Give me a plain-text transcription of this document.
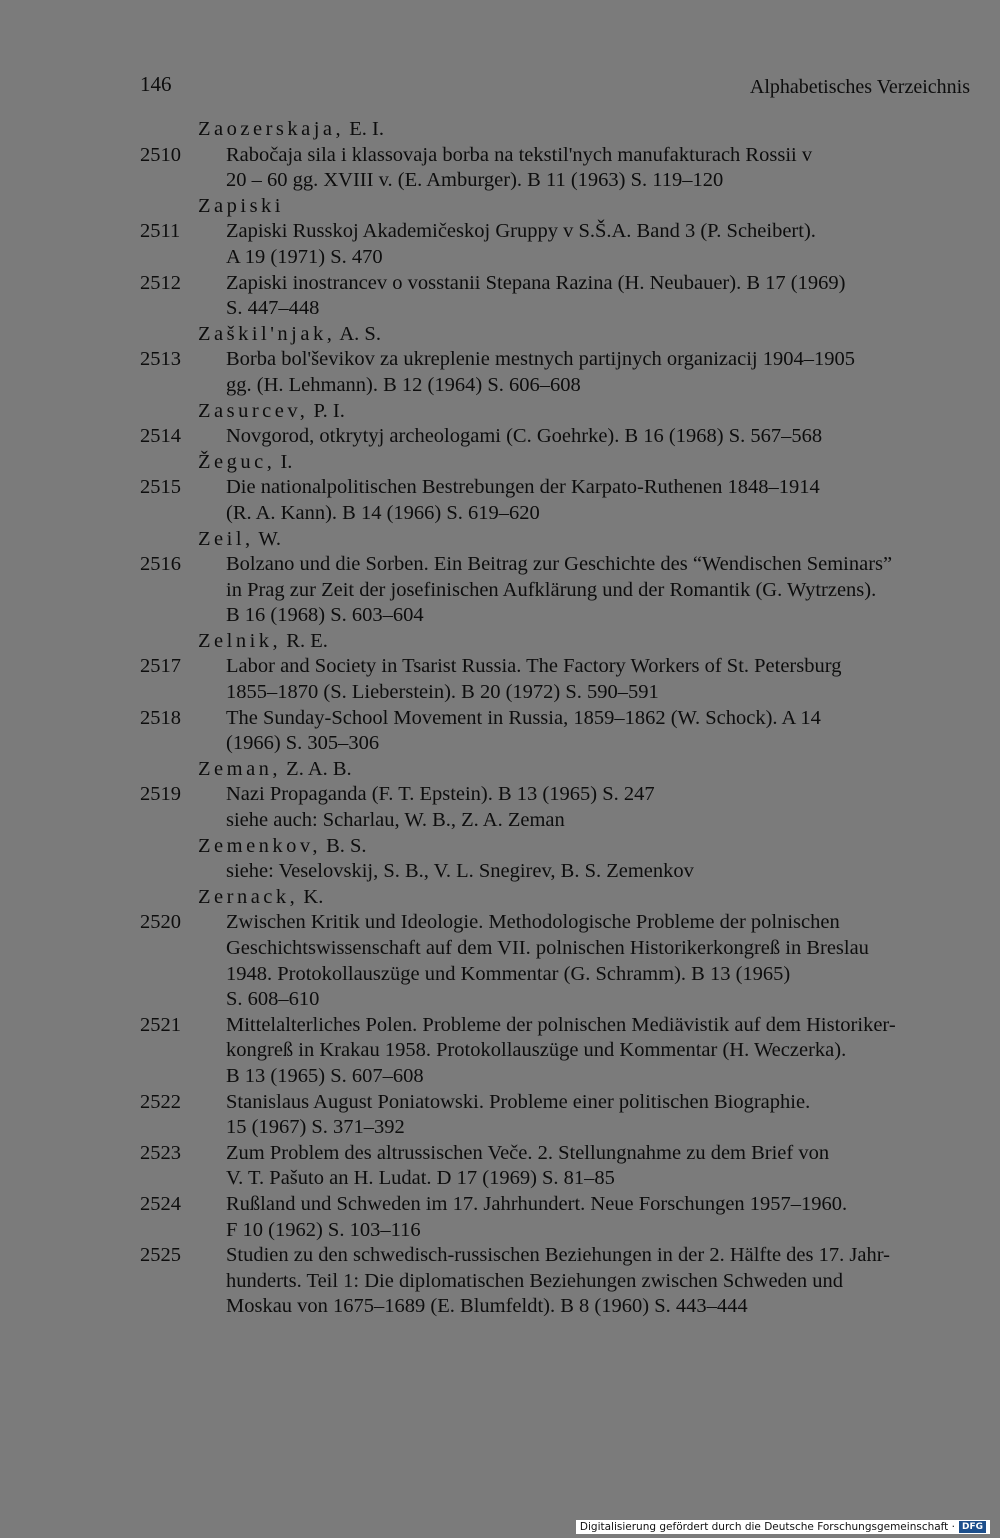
146	Alphabetisches Verzeichnis
Zaozerskaja, E. I.
2510	Rabočaja sila i klassovaja borba na tekstil'nych manufakturach Rossii v
20 – 60 gg. XVIII v. (E. Amburger). B 11 (1963) S. 119–120
Zapiski
2511	Zapiski Russkoj Akademičeskoj Gruppy v S.Š.A. Band 3 (P. Scheibert).
A 19 (1971) S. 470
2512	Zapiski inostrancev o vosstanii Stepana Razina (H. Neubauer). B 17 (1969)
S. 447–448
Zaškil'njak, A. S.
2513	Borba bol'ševikov za ukreplenie mestnych partijnych organizacij 1904–1905
gg. (H. Lehmann). B 12 (1964) S. 606–608
Zasurcev, P. I.
2514	Novgorod, otkrytyj archeologami (C. Goehrke). B 16 (1968) S. 567–568
Žeguc, I.
2515	Die nationalpolitischen Bestrebungen der Karpato-Ruthenen 1848–1914
(R. A. Kann). B 14 (1966) S. 619–620
Zeil, W.
2516	Bolzano und die Sorben. Ein Beitrag zur Geschichte des “Wendischen Seminars”
in Prag zur Zeit der josefinischen Aufklärung und der Romantik (G. Wytrzens).
B 16 (1968) S. 603–604
Zelnik, R. E.
2517	Labor and Society in Tsarist Russia. The Factory Workers of St. Petersburg
1855–1870 (S. Lieberstein). B 20 (1972) S. 590–591
2518	The Sunday-School Movement in Russia, 1859–1862 (W. Schock). A 14
(1966) S. 305–306
Zeman, Z. A. B.
2519	Nazi Propaganda (F. T. Epstein). B 13 (1965) S. 247
siehe auch: Scharlau, W. B., Z. A. Zeman
Zemenkov, B. S.
siehe: Veselovskij, S. B., V. L. Snegirev, B. S. Zemenkov
Zernack, K.
2520	Zwischen Kritik und Ideologie. Methodologische Probleme der polnischen
Geschichtswissenschaft auf dem VII. polnischen Historikerkongreß in Breslau
1948. Protokollauszüge und Kommentar (G. Schramm). B 13 (1965)
S. 608–610
2521	Mittelalterliches Polen. Probleme der polnischen Mediävistik auf dem Historiker-
kongreß in Krakau 1958. Protokollauszüge und Kommentar (H. Weczerka).
B 13 (1965) S. 607–608
2522	Stanislaus August Poniatowski. Probleme einer politischen Biographie.
15 (1967) S. 371–392
2523	Zum Problem des altrussischen Veče. 2. Stellungnahme zu dem Brief von
V. T. Pašuto an H. Ludat. D 17 (1969) S. 81–85
2524	Rußland und Schweden im 17. Jahrhundert. Neue Forschungen 1957–1960.
F 10 (1962) S. 103–116
2525	Studien zu den schwedisch-russischen Beziehungen in der 2. Hälfte des 17. Jahr-
hunderts. Teil 1: Die diplomatischen Beziehungen zwischen Schweden und
Moskau von 1675–1689 (E. Blumfeldt). B 8 (1960) S. 443–444
Digitalisierung gefördert durch die Deutsche Forschungsgemeinschaft · DFG
